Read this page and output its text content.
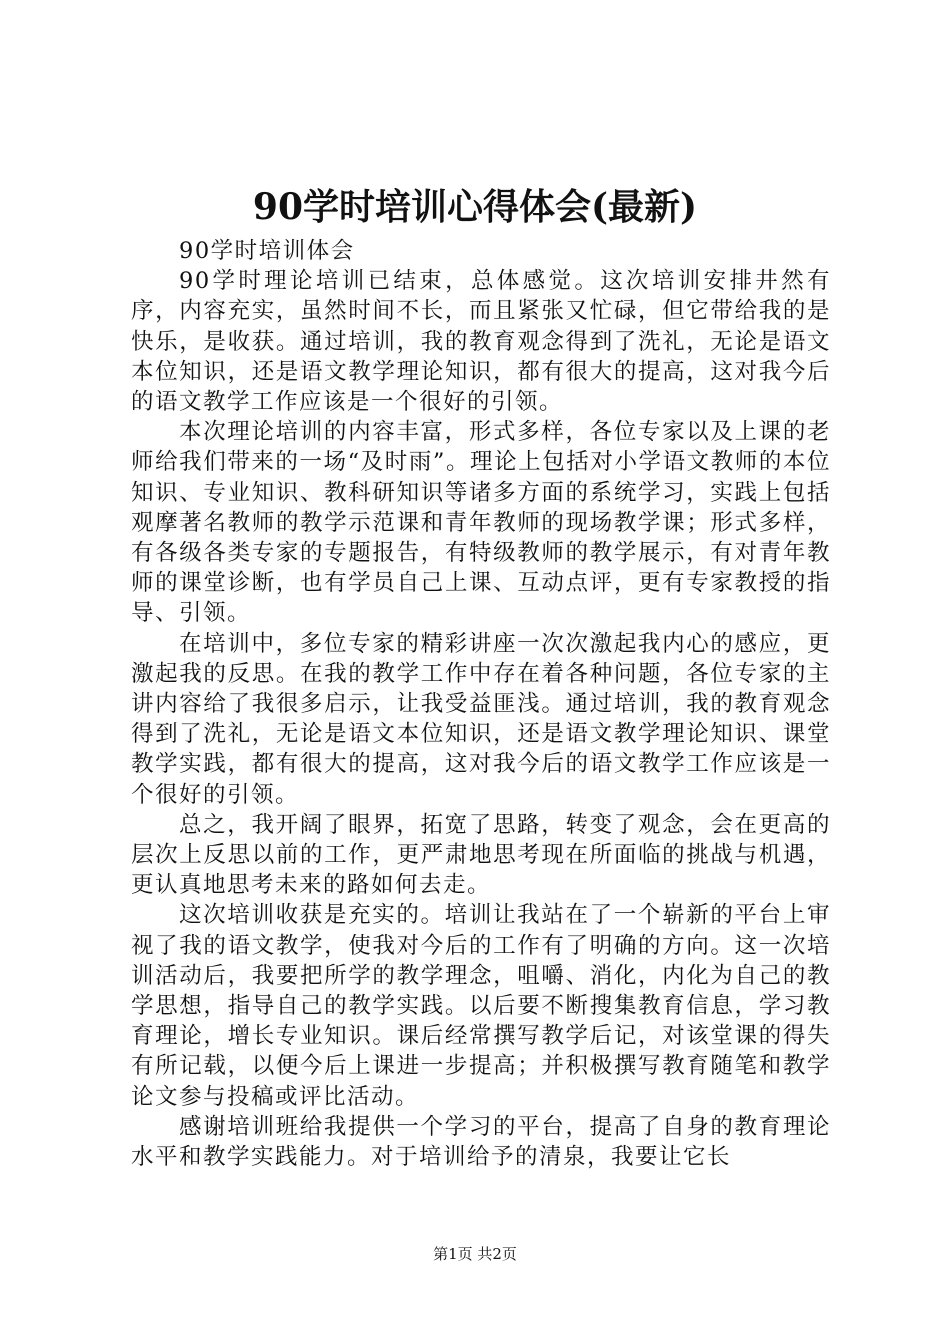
90学时培训心得体会(最新)

90学时培训体会

90学时理论培训已结束，总体感觉。这次培训安排井然有序，内容充实，虽然时间不长，而且紧张又忙碌，但它带给我的是快乐，是收获。通过培训，我的教育观念得到了洗礼，无论是语文本位知识，还是语文教学理论知识，都有很大的提高，这对我今后的语文教学工作应该是一个很好的引领。

本次理论培训的内容丰富，形式多样，各位专家以及上课的老师给我们带来的一场“及时雨”。理论上包括对小学语文教师的本位知识、专业知识、教科研知识等诸多方面的系统学习，实践上包括观摩著名教师的教学示范课和青年教师的现场教学课；形式多样，有各级各类专家的专题报告，有特级教师的教学展示，有对青年教师的课堂诊断，也有学员自己上课、互动点评，更有专家教授的指导、引领。

在培训中，多位专家的精彩讲座一次次激起我内心的感应，更激起我的反思。在我的教学工作中存在着各种问题，各位专家的主讲内容给了我很多启示，让我受益匪浅。通过培训，我的教育观念得到了洗礼，无论是语文本位知识，还是语文教学理论知识、课堂教学实践，都有很大的提高，这对我今后的语文教学工作应该是一个很好的引领。

总之，我开阔了眼界，拓宽了思路，转变了观念，会在更高的层次上反思以前的工作，更严肃地思考现在所面临的挑战与机遇，更认真地思考未来的路如何去走。

这次培训收获是充实的。培训让我站在了一个崭新的平台上审视了我的语文教学，使我对今后的工作有了明确的方向。这一次培训活动后，我要把所学的教学理念，咀嚼、消化，内化为自己的教学思想，指导自己的教学实践。以后要不断搜集教育信息，学习教育理论，增长专业知识。课后经常撰写教学后记，对该堂课的得失有所记载，以便今后上课进一步提高；并积极撰写教育随笔和教学论文参与投稿或评比活动。

感谢培训班给我提供一个学习的平台，提高了自身的教育理论水平和教学实践能力。对于培训给予的清泉，我要让它长

第1页 共2页
